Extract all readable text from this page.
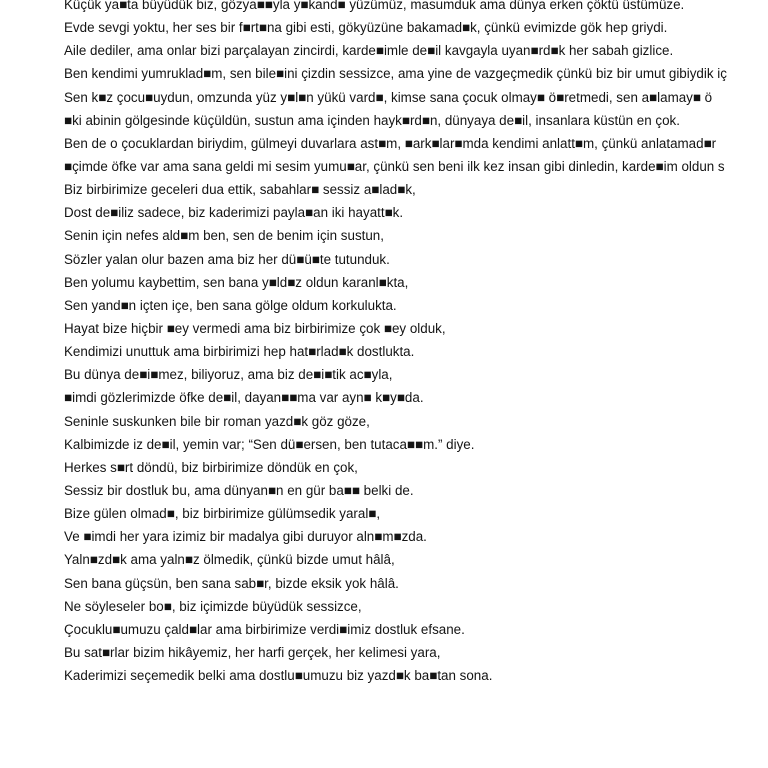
Küçük ya■ta büyüdük biz, gözya■■yla y■kand■ yüzümüz, masumduk ama dünya erken çöktü üstümüze.
Evde sevgi yoktu, her ses bir f■rt■na gibi esti, gökyüzüne bakamad■k, çünkü evimizde gök hep griydi.
Aile dediler, ama onlar bizi parçalayan zincirdi, karde■imle de■il kavgayla uyan■rd■k her sabah gizlice.
Ben kendimi yumruklad■m, sen bile■ini çizdin sessizce, ama yine de vazgeçmedik çünkü biz bir umut gibiydik iç
Sen k■z çocu■uydun, omzunda yüz y■l■n yükü vard■, kimse sana çocuk olmay■ ö■retmedi, sen a■lamay■ ö
■ki abinin gölgesinde küçüldün, sustun ama içinden hayk■rd■n, dünyaya de■il, insanlara küstün en çok.
Ben de o çocuklardan biriydim, gülmeyi duvarlara ast■m, ■ark■lar■mda kendimi anlatt■m, çünkü anlatamad■r
■çimde öfke var ama sana geldi mi sesim yumu■ar, çünkü sen beni ilk kez insan gibi dinledin, karde■im oldun s
Biz birbirimize geceleri dua ettik, sabahlar■ sessiz a■lad■k,
Dost de■iliz sadece, biz kaderimizi payla■an iki hayatt■k.
Senin için nefes ald■m ben, sen de benim için sustun,
Sözler yalan olur bazen ama biz her dü■ü■te tutunduk.
Ben yolumu kaybettim, sen bana y■ld■z oldun karanl■kta,
Sen yand■n içten içe, ben sana gölge oldum korkulukta.
Hayat bize hiçbir ■ey vermedi ama biz birbirimize çok ■ey olduk,
Kendimizi unuttuk ama birbirimizi hep hat■rlad■k dostlukta.
Bu dünya de■i■mez, biliyoruz, ama biz de■i■tik ac■yla,
■imdi gözlerimizde öfke de■il, dayan■■ma var ayn■ k■y■da.
Seninle suskunken bile bir roman yazd■k göz göze,
Kalbimizde iz de■il, yemin var; “Sen dü■ersen, ben tutaca■■m.” diye.
Herkes s■rt döndü, biz birbirimize döndük en çok,
Sessiz bir dostluk bu, ama dünyan■n en gür ba■■ belki de.
Bize gülen olmad■, biz birbirimize gülümsedik yaral■,
Ve ■imdi her yara izimiz bir madalya gibi duruyor aln■m■zda.
Yaln■zd■k ama yaln■z ölmedik, çünkü bizde umut hâlâ,
Sen bana güçsün, ben sana sab■r, bizde eksik yok hâlâ.
Ne söyleseler bo■, biz içimizde büyüdük sessizce,
Çocuklu■umuzu çald■lar ama birbirimize verdi■imiz dostluk efsane.
Bu sat■rlar bizim hikâyemiz, her harfi gerçek, her kelimesi yara,
Kaderimizi seçemedik belki ama dostlu■umuzu biz yazd■k ba■tan sona.
